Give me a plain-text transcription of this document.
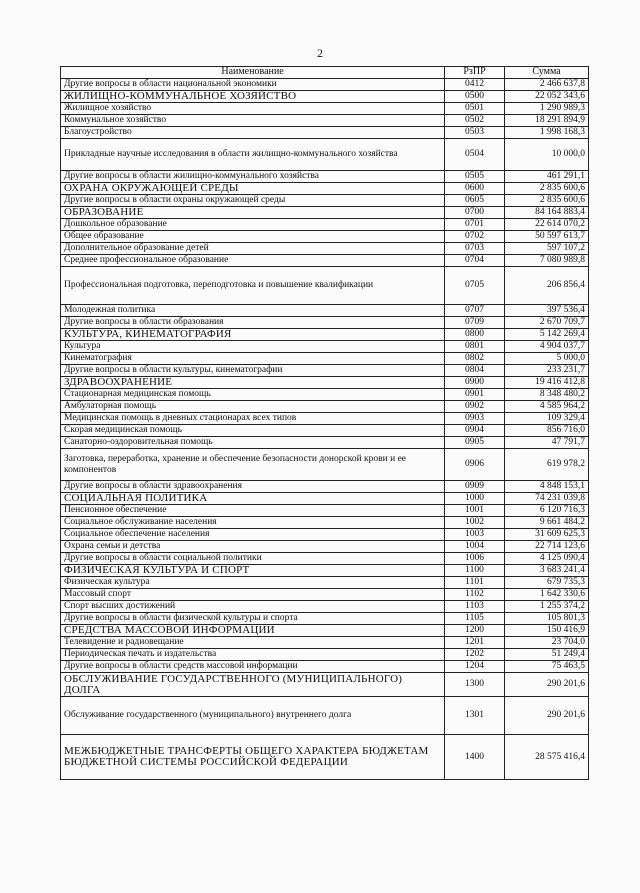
2
Наименование	РзПР	Сумма
Другие вопросы в области национальной экономики	0412	2 466 637,8
ЖИЛИЩНО-КОММУНАЛЬНОЕ ХОЗЯЙСТВО	0500	22 052 343,6
Жилищное хозяйство	0501	1 290 989,3
Коммунальное хозяйство	0502	18 291 894,9
Благоустройство	0503	1 998 168,3
Прикладные научные исследования в области жилищно-коммунального хозяйства	0504	10 000,0
Другие вопросы в области жилищно-коммунального хозяйства	0505	461 291,1
ОХРАНА ОКРУЖАЮЩЕЙ СРЕДЫ	0600	2 835 600,6
Другие вопросы в области охраны окружающей среды	0605	2 835 600,6
ОБРАЗОВАНИЕ	0700	84 164 883,4
Дошкольное образование	0701	22 614 070,2
Общее образование	0702	50 597 613,7
Дополнительное образование детей	0703	597 107,2
Среднее профессиональное образование	0704	7 080 989,8
Профессиональная подготовка, переподготовка и повышение квалификации	0705	206 856,4
Молодежная политика	0707	397 536,4
Другие вопросы в области образования	0709	2 670 709,7
КУЛЬТУРА, КИНЕМАТОГРАФИЯ	0800	5 142 269,4
Культура	0801	4 904 037,7
Кинематография	0802	5 000,0
Другие вопросы в области культуры, кинематографии	0804	233 231,7
ЗДРАВООХРАНЕНИЕ	0900	19 416 412,8
Стационарная медицинская помощь	0901	8 348 480,2
Амбулаторная помощь	0902	4 585 964,2
Медицинская помощь в дневных стационарах всех типов	0903	109 329,4
Скорая медицинская помощь	0904	856 716,0
Санаторно-оздоровительная помощь	0905	47 791,7
Заготовка, переработка, хранение и обеспечение безопасности донорской крови и ее компонентов	0906	619 978,2
Другие вопросы в области здравоохранения	0909	4 848 153,1
СОЦИАЛЬНАЯ ПОЛИТИКА	1000	74 231 039,8
Пенсионное обеспечение	1001	6 120 716,3
Социальное обслуживание населения	1002	9 661 484,2
Социальное обеспечение населения	1003	31 609 625,3
Охрана семьи и детства	1004	22 714 123,6
Другие вопросы в области социальной политики	1006	4 125 090,4
ФИЗИЧЕСКАЯ КУЛЬТУРА И СПОРТ	1100	3 683 241,4
Физическая культура	1101	679 735,3
Массовый спорт	1102	1 642 330,6
Спорт высших достижений	1103	1 255 374,2
Другие вопросы в области физической культуры и спорта	1105	105 801,3
СРЕДСТВА МАССОВОЙ ИНФОРМАЦИИ	1200	150 416,9
Телевидение и радиовещание	1201	23 704,0
Периодическая печать и издательства	1202	51 249,4
Другие вопросы в области средств массовой информации	1204	75 463,5
ОБСЛУЖИВАНИЕ ГОСУДАРСТВЕННОГО (МУНИЦИПАЛЬНОГО) ДОЛГА	1300	290 201,6
Обслуживание государственного (муниципального) внутреннего долга	1301	290 201,6
МЕЖБЮДЖЕТНЫЕ ТРАНСФЕРТЫ ОБЩЕГО ХАРАКТЕРА БЮДЖЕТАМ БЮДЖЕТНОЙ СИСТЕМЫ РОССИЙСКОЙ ФЕДЕРАЦИИ	1400	28 575 416,4
